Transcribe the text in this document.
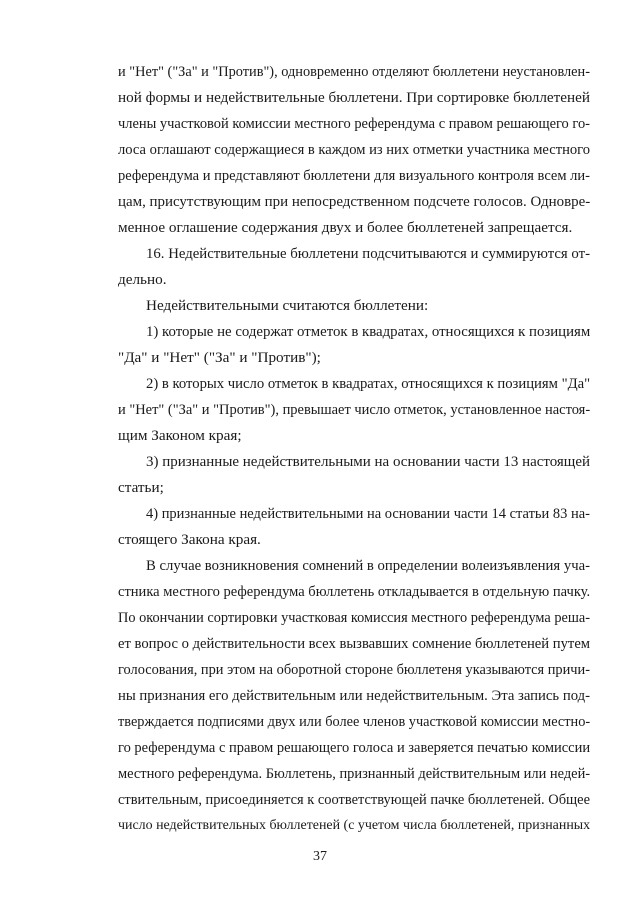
и "Нет" ("За" и "Против"), одновременно отделяют бюллетени неустановлен-
ной формы и недействительные бюллетени. При сортировке бюллетеней
члены участковой комиссии местного референдума с правом решающего го-
лоса оглашают содержащиеся в каждом из них отметки участника местного
референдума и представляют бюллетени для визуального контроля всем ли-
цам, присутствующим при непосредственном подсчете голосов. Одновре-
менное оглашение содержания двух и более бюллетеней запрещается.
16. Недействительные бюллетени подсчитываются и суммируются от-
дельно.
Недействительными считаются бюллетени:
1) которые не содержат отметок в квадратах, относящихся к позициям
"Да" и "Нет" ("За" и "Против");
2) в которых число отметок в квадратах, относящихся к позициям "Да"
и "Нет" ("За" и "Против"), превышает число отметок, установленное настоя-
щим Законом края;
3) признанные недействительными на основании части 13 настоящей
статьи;
4) признанные недействительными на основании части 14 статьи 83 на-
стоящего Закона края.
В случае возникновения сомнений в определении волеизъявления уча-
стника местного референдума бюллетень откладывается в отдельную пачку.
По окончании сортировки участковая комиссия местного референдума реша-
ет вопрос о действительности всех вызвавших сомнение бюллетеней путем
голосования, при этом на оборотной стороне бюллетеня указываются причи-
ны признания его действительным или недействительным. Эта запись под-
тверждается подписями двух или более членов участковой комиссии местно-
го референдума с правом решающего голоса и заверяется печатью комиссии
местного референдума. Бюллетень, признанный действительным или недей-
ствительным, присоединяется к соответствующей пачке бюллетеней. Общее
число недействительных бюллетеней (с учетом числа бюллетеней, признанных
37
